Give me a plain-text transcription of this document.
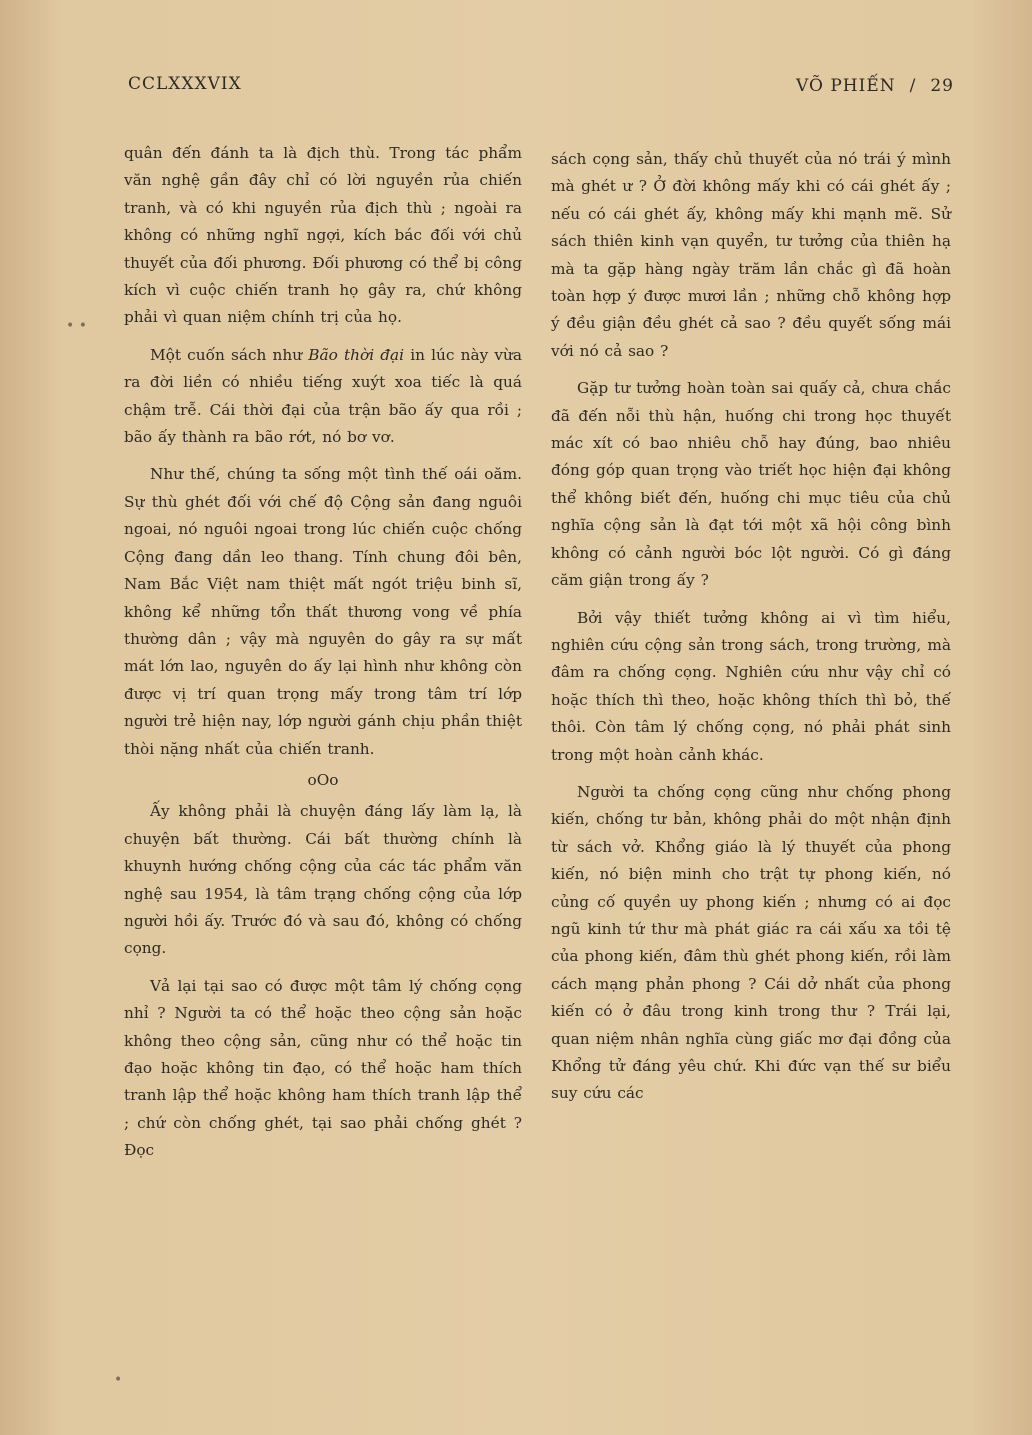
CCLXXXVIX	VÕ PHIẾN / 29

quân đến đánh ta là địch thù. Trong tác phẩm văn nghệ gần đây chỉ có lời nguyền rủa chiến tranh, và có khi nguyền rủa địch thù ; ngoài ra không có những nghĩ ngợi, kích bác đối với chủ thuyết của đối phương. Đối phương có thể bị công kích vì cuộc chiến tranh họ gây ra, chứ không phải vì quan niệm chính trị của họ.

Một cuốn sách như Bão thời đại in lúc này vừa ra đời liền có nhiều tiếng xuýt xoa tiếc là quá chậm trễ. Cái thời đại của trận bão ấy qua rồi ; bão ấy thành ra bão rớt, nó bơ vơ.

Như thế, chúng ta sống một tình thế oái oăm. Sự thù ghét đối với chế độ Cộng sản đang nguôi ngoai, nó nguôi ngoai trong lúc chiến cuộc chống Cộng đang dần leo thang. Tính chung đôi bên, Nam Bắc Việt nam thiệt mất ngót triệu binh sĩ, không kể những tổn thất thương vong về phía thường dân ; vậy mà nguyên do gây ra sự mất mát lớn lao, nguyên do ấy lại hình như không còn được vị trí quan trọng mấy trong tâm trí lớp người trẻ hiện nay, lớp người gánh chịu phần thiệt thòi nặng nhất của chiến tranh.

oOo

Ấy không phải là chuyện đáng lấy làm lạ, là chuyện bất thường. Cái bất thường chính là khuynh hướng chống cộng của các tác phẩm văn nghệ sau 1954, là tâm trạng chống cộng của lớp người hồi ấy. Trước đó và sau đó, không có chống cọng.

Vả lại tại sao có được một tâm lý chống cọng nhỉ ? Người ta có thể hoặc theo cộng sản hoặc không theo cộng sản, cũng như có thể hoặc tin đạo hoặc không tin đạo, có thể hoặc ham thích tranh lập thể hoặc không ham thích tranh lập thể ; chứ còn chống ghét, tại sao phải chống ghét ? Đọc

sách cọng sản, thấy chủ thuyết của nó trái ý mình mà ghét ư ? Ở đời không mấy khi có cái ghét ấy ; nếu có cái ghét ấy, không mấy khi mạnh mẽ. Sử sách thiên kinh vạn quyển, tư tưởng của thiên hạ mà ta gặp hàng ngày trăm lần chắc gì đã hoàn toàn hợp ý được mươi lần ; những chỗ không hợp ý đều giận đều ghét cả sao ? đều quyết sống mái với nó cả sao ?

Gặp tư tưởng hoàn toàn sai quấy cả, chưa chắc đã đến nỗi thù hận, huống chi trong học thuyết mác xít có bao nhiêu chỗ hay đúng, bao nhiêu đóng góp quan trọng vào triết học hiện đại không thể không biết đến, huống chi mục tiêu của chủ nghĩa cộng sản là đạt tới một xã hội công bình không có cảnh người bóc lột người. Có gì đáng căm giận trong ấy ?

Bởi vậy thiết tưởng không ai vì tìm hiểu, nghiên cứu cộng sản trong sách, trong trường, mà đâm ra chống cọng. Nghiên cứu như vậy chỉ có hoặc thích thì theo, hoặc không thích thì bỏ, thế thôi. Còn tâm lý chống cọng, nó phải phát sinh trong một hoàn cảnh khác.

Người ta chống cọng cũng như chống phong kiến, chống tư bản, không phải do một nhận định từ sách vở. Khổng giáo là lý thuyết của phong kiến, nó biện minh cho trật tự phong kiến, nó củng cố quyền uy phong kiến ; nhưng có ai đọc ngũ kinh tứ thư mà phát giác ra cái xấu xa tồi tệ của phong kiến, đâm thù ghét phong kiến, rồi làm cách mạng phản phong ? Cái dở nhất của phong kiến có ở đâu trong kinh trong thư ? Trái lại, quan niệm nhân nghĩa cùng giấc mơ đại đồng của Khổng tử đáng yêu chứ. Khi đức vạn thế sư biểu suy cứu các

• •
•
